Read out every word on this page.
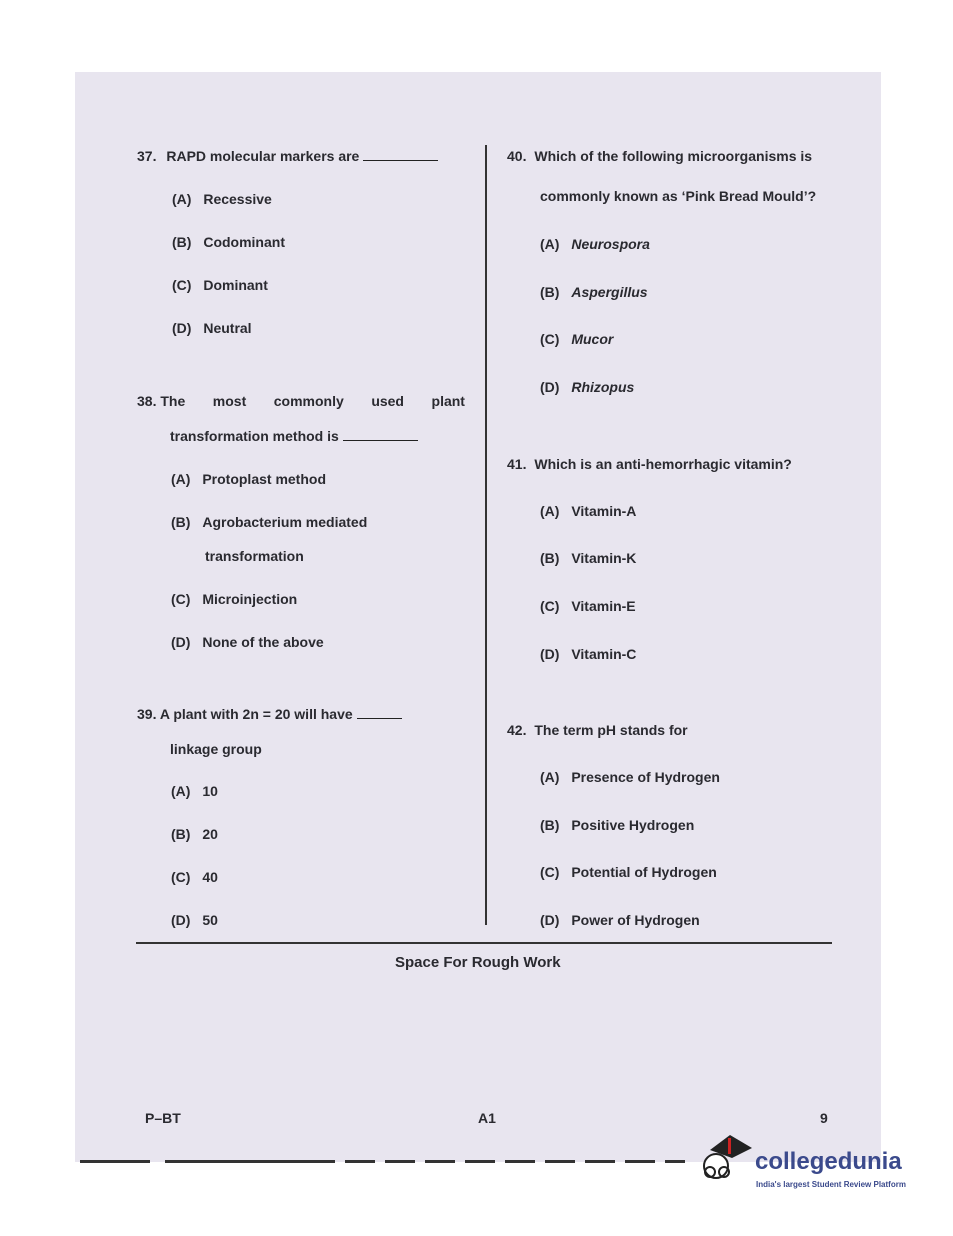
37. RAPD molecular markers are
(A) Recessive
(B) Codominant
(C) Dominant
(D) Neutral
38. The most commonly used plant
transformation method is
(A) Protoplast method
(B) Agrobacterium mediated
transformation
(C) Microinjection
(D) None of the above
39. A plant with 2n = 20 will have
linkage group
(A) 10
(B) 20
(C) 40
(D) 50
40. Which of the following microorganisms is
commonly known as ‘Pink Bread Mould’?
(A) Neurospora
(B) Aspergillus
(C) Mucor
(D) Rhizopus
41. Which is an anti-hemorrhagic vitamin?
(A) Vitamin-A
(B) Vitamin-K
(C) Vitamin-E
(D) Vitamin-C
42. The term pH stands for
(A) Presence of Hydrogen
(B) Positive Hydrogen
(C) Potential of Hydrogen
(D) Power of Hydrogen
Space For Rough Work
P–BT	A1	9
collegedunia
India's largest Student Review Platform
